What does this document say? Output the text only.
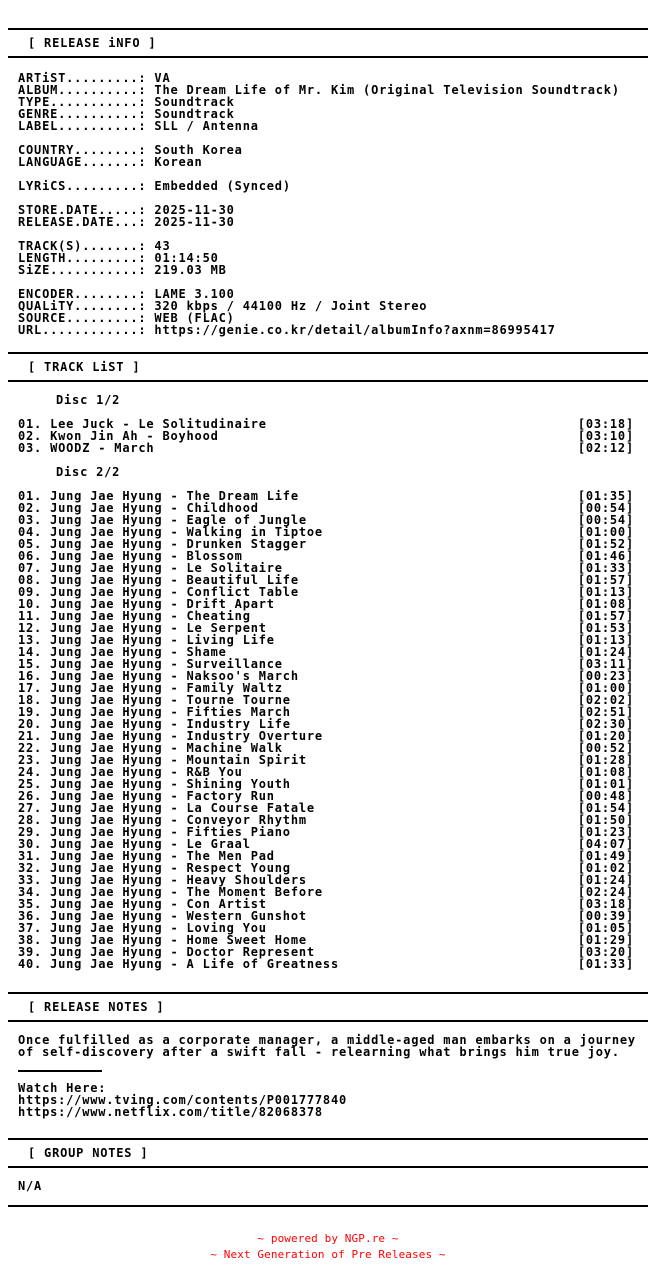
[ RELEASE iNFO ]
ARTiST.........: VA
ALBUM..........: The Dream Life of Mr. Kim (Original Television Soundtrack)
TYPE...........: Soundtrack
GENRE..........: Soundtrack
LABEL..........: SLL / Antenna
COUNTRY........: South Korea
LANGUAGE.......: Korean
LYRiCS.........: Embedded (Synced)
STORE.DATE.....: 2025-11-30
RELEASE.DATE...: 2025-11-30
TRACK(S).......: 43
LENGTH.........: 01:14:50
SiZE...........: 219.03 MB
ENCODER........: LAME 3.100
QUALiTY........: 320 kbps / 44100 Hz / Joint Stereo
SOURCE.........: WEB (FLAC)
URL............: https://genie.co.kr/detail/albumInfo?axnm=86995417
[ TRACK LiST ]
Disc 1/2
01. Lee Juck - Le Solitudinaire	[03:18]
02. Kwon Jin Ah - Boyhood	[03:10]
03. WOODZ - March	[02:12]
Disc 2/2
01. Jung Jae Hyung - The Dream Life	[01:35]
02. Jung Jae Hyung - Childhood	[00:54]
03. Jung Jae Hyung - Eagle of Jungle	[00:54]
04. Jung Jae Hyung - Walking in Tiptoe	[01:00]
05. Jung Jae Hyung - Drunken Stagger	[01:52]
06. Jung Jae Hyung - Blossom	[01:46]
07. Jung Jae Hyung - Le Solitaire	[01:33]
08. Jung Jae Hyung - Beautiful Life	[01:57]
09. Jung Jae Hyung - Conflict Table	[01:13]
10. Jung Jae Hyung - Drift Apart	[01:08]
11. Jung Jae Hyung - Cheating	[01:57]
12. Jung Jae Hyung - Le Serpent	[01:53]
13. Jung Jae Hyung - Living Life	[01:13]
14. Jung Jae Hyung - Shame	[01:24]
15. Jung Jae Hyung - Surveillance	[03:11]
16. Jung Jae Hyung - Naksoo's March	[00:23]
17. Jung Jae Hyung - Family Waltz	[01:00]
18. Jung Jae Hyung - Tourne Tourne	[02:02]
19. Jung Jae Hyung - Fifties March	[02:51]
20. Jung Jae Hyung - Industry Life	[02:30]
21. Jung Jae Hyung - Industry Overture	[01:20]
22. Jung Jae Hyung - Machine Walk	[00:52]
23. Jung Jae Hyung - Mountain Spirit	[01:28]
24. Jung Jae Hyung - R&B You	[01:08]
25. Jung Jae Hyung - Shining Youth	[01:01]
26. Jung Jae Hyung - Factory Run	[00:48]
27. Jung Jae Hyung - La Course Fatale	[01:54]
28. Jung Jae Hyung - Conveyor Rhythm	[01:50]
29. Jung Jae Hyung - Fifties Piano	[01:23]
30. Jung Jae Hyung - Le Graal	[04:07]
31. Jung Jae Hyung - The Men Pad	[01:49]
32. Jung Jae Hyung - Respect Young	[01:02]
33. Jung Jae Hyung - Heavy Shoulders	[01:24]
34. Jung Jae Hyung - The Moment Before	[02:24]
35. Jung Jae Hyung - Con Artist	[03:18]
36. Jung Jae Hyung - Western Gunshot	[00:39]
37. Jung Jae Hyung - Loving You	[01:05]
38. Jung Jae Hyung - Home Sweet Home	[01:29]
39. Jung Jae Hyung - Doctor Represent	[03:20]
40. Jung Jae Hyung - A Life of Greatness	[01:33]
[ RELEASE NOTES ]
Once fulfilled as a corporate manager, a middle-aged man embarks on a journey
of self-discovery after a swift fall - relearning what brings him true joy.
Watch Here:
https://www.tving.com/contents/P001777840
https://www.netflix.com/title/82068378
[ GROUP NOTES ]
N/A
~ powered by NGP.re ~
~ Next Generation of Pre Releases ~
